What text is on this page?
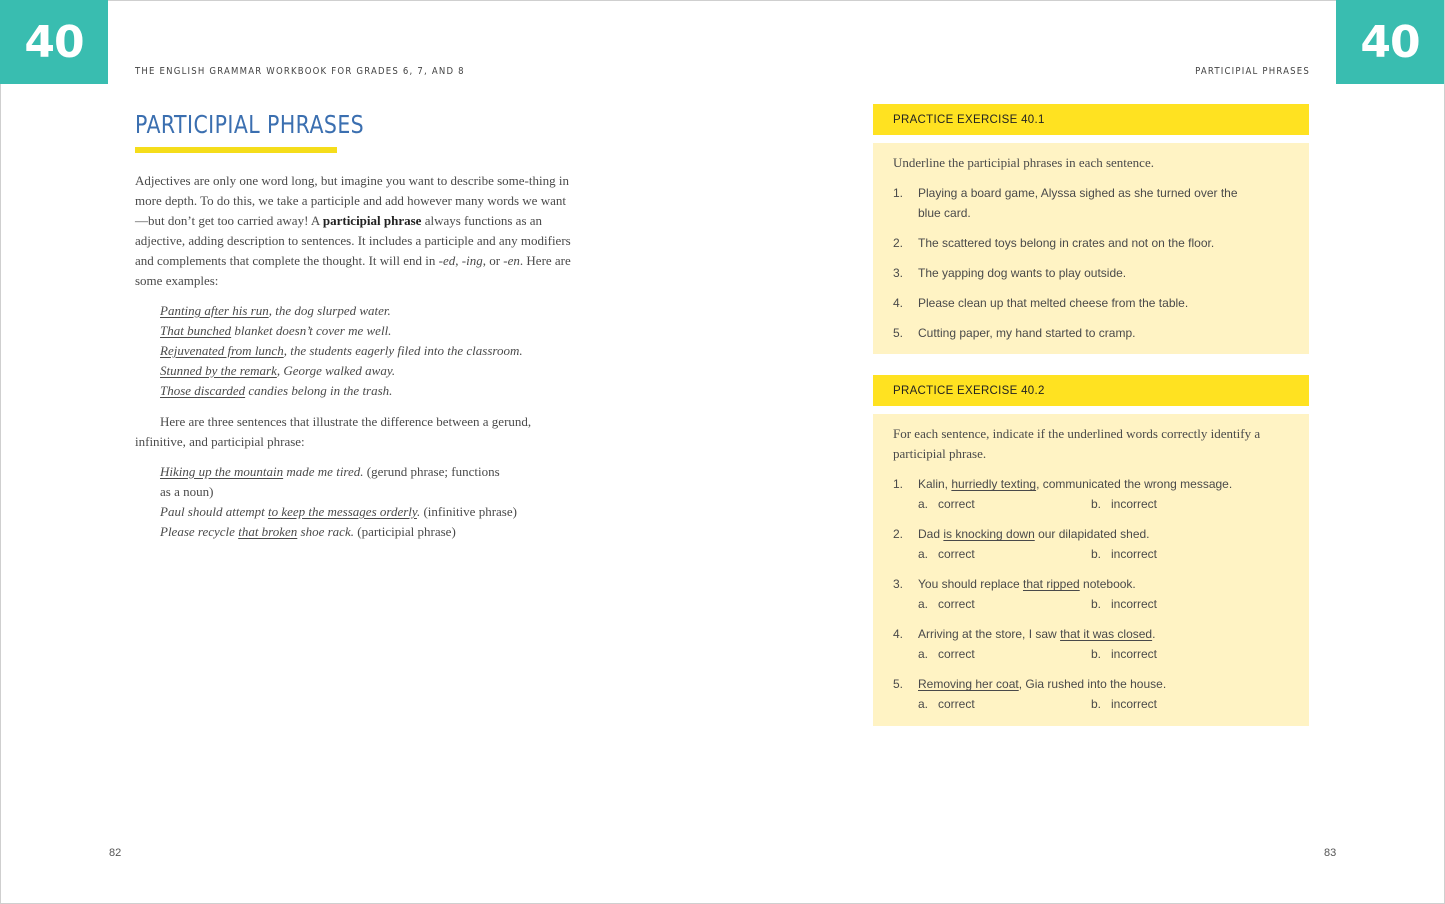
40	40
THE ENGLISH GRAMMAR WORKBOOK FOR GRADES 6, 7, AND 8	PARTICIPIAL PHRASES
PARTICIPIAL PHRASES
Adjectives are only one word long, but imagine you want to describe some-thing in more depth. To do this, we take a participle and add however many words we want—but don’t get too carried away! A participial phrase always functions as an adjective, adding description to sentences. It includes a participle and any modifiers and complements that complete the thought. It will end in -ed, -ing, or -en. Here are some examples:
Panting after his run, the dog slurped water.
That bunched blanket doesn’t cover me well.
Rejuvenated from lunch, the students eagerly filed into the classroom.
Stunned by the remark, George walked away.
Those discarded candies belong in the trash.
Here are three sentences that illustrate the difference between a gerund, infinitive, and participial phrase:
Hiking up the mountain made me tired. (gerund phrase; functions
as a noun)
Paul should attempt to keep the messages orderly. (infinitive phrase)
Please recycle that broken shoe rack. (participial phrase)
PRACTICE EXERCISE 40.1
Underline the participial phrases in each sentence.
1.	Playing a board game, Alyssa sighed as she turned over the
blue card.
2.	The scattered toys belong in crates and not on the floor.
3.	The yapping dog wants to play outside.
4.	Please clean up that melted cheese from the table.
5.	Cutting paper, my hand started to cramp.
PRACTICE EXERCISE 40.2
For each sentence, indicate if the underlined words correctly identify a participial phrase.
1.	Kalin, hurriedly texting, communicated the wrong message.
a. correct	b. incorrect
2.	Dad is knocking down our dilapidated shed.
a. correct	b. incorrect
3.	You should replace that ripped notebook.
a. correct	b. incorrect
4.	Arriving at the store, I saw that it was closed.
a. correct	b. incorrect
5.	Removing her coat, Gia rushed into the house.
a. correct	b. incorrect
82	83
